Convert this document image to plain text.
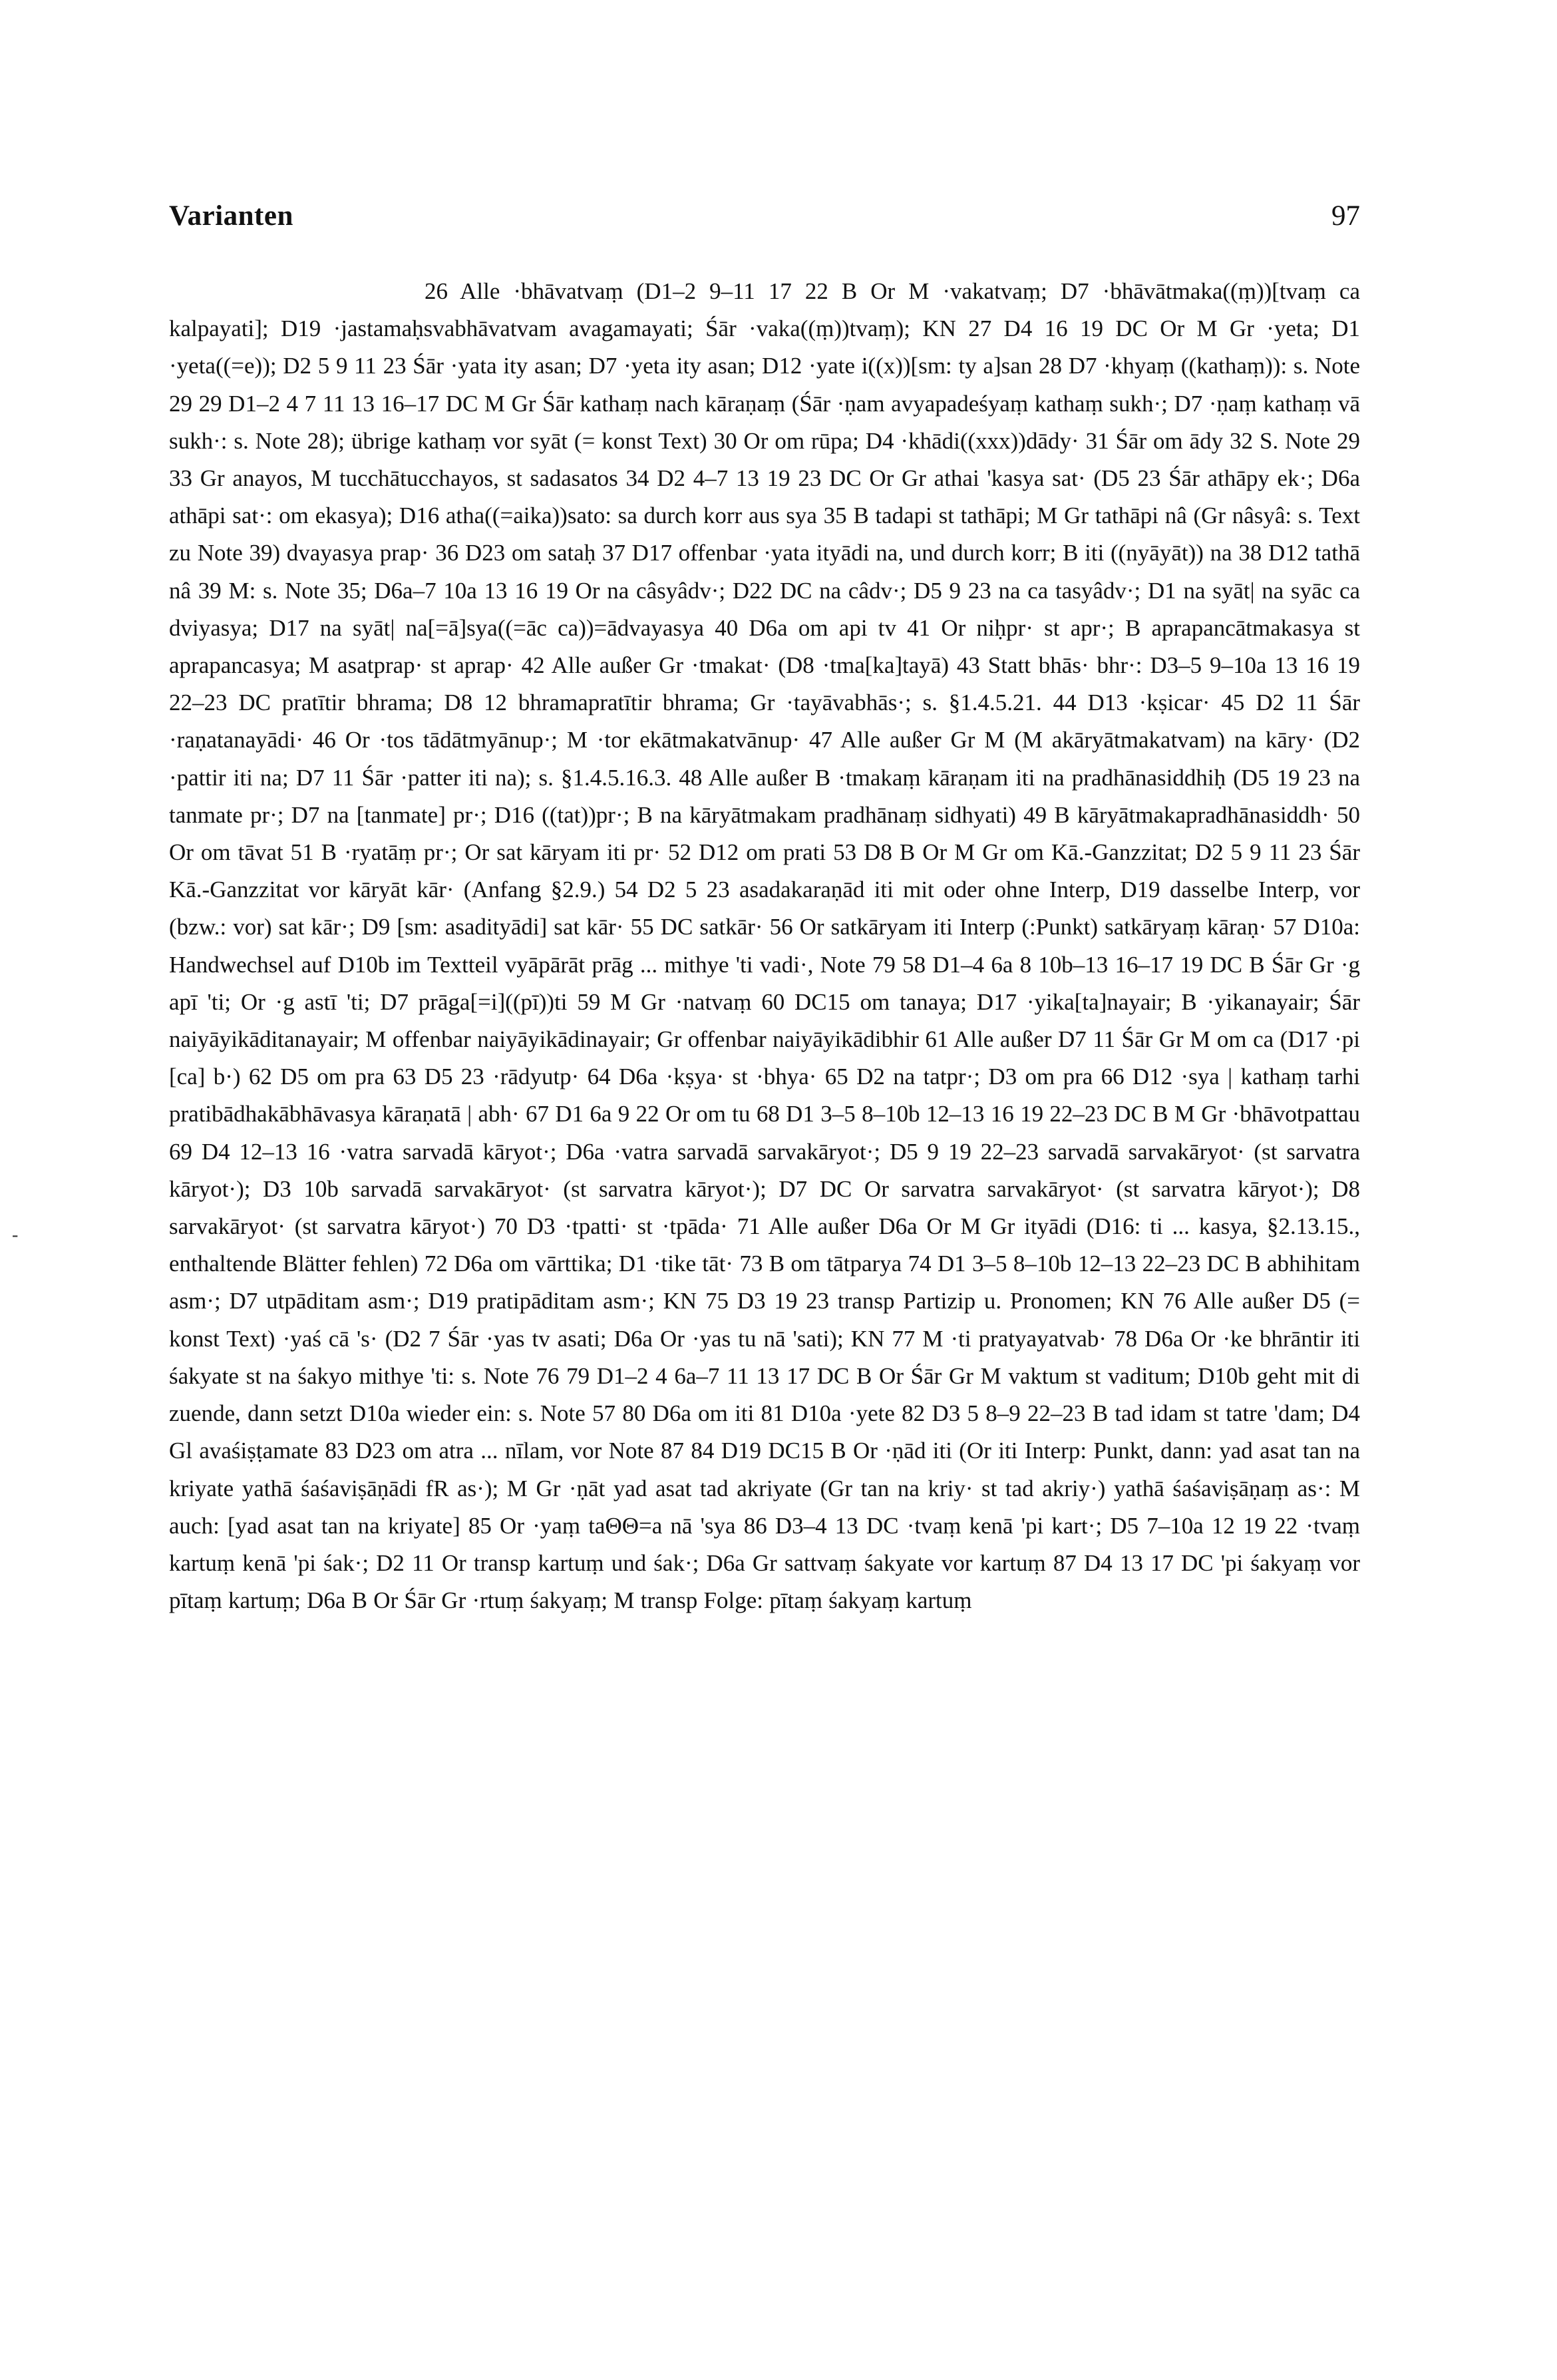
Varianten	97
26 Alle ·bhāvatvaṃ (D1–2 9–11 17 22 B Or M ·vakatvaṃ; D7 ·bhāvātmaka((ṃ))[tvaṃ ca kalpayati]; D19 ·jastamaḥsvabhāvatvam avagamayati; Śār ·vaka((ṃ))tvaṃ); KN 27 D4 16 19 DC Or M Gr ·yeta; D1 ·yeta((=e)); D2 5 9 11 23 Śār ·yata ity asan; D7 ·yeta ity asan; D12 ·yate i((x))[sm: ty a]san 28 D7 ·khyaṃ ((kathaṃ)): s. Note 29 29 D1–2 4 7 11 13 16–17 DC M Gr Śār kathaṃ nach kāraṇaṃ (Śār ·ṇam avyapadeśyaṃ kathaṃ sukh·; D7 ·ṇaṃ kathaṃ vā sukh·: s. Note 28); übrige kathaṃ vor syāt (= konst Text) 30 Or om rūpa; D4 ·khādi((xxx))dādy· 31 Śār om ādy 32 S. Note 29 33 Gr anayos, M tucchātucchayos, st sadasatos 34 D2 4–7 13 19 23 DC Or Gr athai 'kasya sat· (D5 23 Śār athāpy ek·; D6a athāpi sat·: om ekasya); D16 atha((=aika))sato: sa durch korr aus sya 35 B tadapi st tathāpi; M Gr tathāpi nâ (Gr nâsyâ: s. Text zu Note 39) dvayasya prap· 36 D23 om sataḥ 37 D17 offenbar ·yata ityādi na, und durch korr; B iti ((nyāyāt)) na 38 D12 tathā nâ 39 M: s. Note 35; D6a–7 10a 13 16 19 Or na câsyâdv·; D22 DC na câdv·; D5 9 23 na ca tasyâdv·; D1 na syāt| na syāc ca dviyasya; D17 na syāt| na[=ā]sya((=āc ca))=ādvayasya 40 D6a om api tv 41 Or niḥpr· st apr·; B aprapancātmakasya st aprapancasya; M asatprap· st aprap· 42 Alle außer Gr ·tmakat· (D8 ·tma[ka]tayā) 43 Statt bhās· bhr·: D3–5 9–10a 13 16 19 22–23 DC pratītir bhrama; D8 12 bhramapratītir bhrama; Gr ·tayāvabhās·; s. §1.4.5.21. 44 D13 ·kṣicar· 45 D2 11 Śār ·raṇatanayādi· 46 Or ·tos tādātmyānup·; M ·tor ekātmakatvānup· 47 Alle außer Gr M (M akāryātmakatvam) na kāry· (D2 ·pattir iti na; D7 11 Śār ·patter iti na); s. §1.4.5.16.3. 48 Alle außer B ·tmakaṃ kāraṇam iti na pradhānasiddhiḥ (D5 19 23 na tanmate pr·; D7 na [tanmate] pr·; D16 ((tat))pr·; B na kāryātmakam pradhānaṃ sidhyati) 49 B kāryātmakapradhānasiddh· 50 Or om tāvat 51 B ·ryatāṃ pr·; Or sat kāryam iti pr· 52 D12 om prati 53 D8 B Or M Gr om Kā.-Ganzzitat; D2 5 9 11 23 Śār Kā.-Ganzzitat vor kāryāt kār· (Anfang §2.9.) 54 D2 5 23 asadakaraṇād iti mit oder ohne Interp, D19 dasselbe Interp, vor (bzw.: vor) sat kār·; D9 [sm: asadityādi] sat kār· 55 DC satkār· 56 Or satkāryam iti Interp (:Punkt) satkāryaṃ kāraṇ· 57 D10a: Handwechsel auf D10b im Textteil vyāpārāt prāg ... mithye 'ti vadi·, Note 79 58 D1–4 6a 8 10b–13 16–17 19 DC B Śār Gr ·g apī 'ti; Or ·g astī 'ti; D7 prāga[=i]((pī))ti 59 M Gr ·natvaṃ 60 DC15 om tanaya; D17 ·yika[ta]nayair; B ·yikanayair; Śār naiyāyikāditanayair; M offenbar naiyāyikādinayair; Gr offenbar naiyāyikādibhir 61 Alle außer D7 11 Śār Gr M om ca (D17 ·pi [ca] b·) 62 D5 om pra 63 D5 23 ·rādyutp· 64 D6a ·kṣya· st ·bhya· 65 D2 na tatpr·; D3 om pra 66 D12 ·sya | kathaṃ tarhi pratibādhakābhāvasya kāraṇatā | abh· 67 D1 6a 9 22 Or om tu 68 D1 3–5 8–10b 12–13 16 19 22–23 DC B M Gr ·bhāvotpattau 69 D4 12–13 16 ·vatra sarvadā kāryot·; D6a ·vatra sarvadā sarvakāryot·; D5 9 19 22–23 sarvadā sarvakāryot· (st sarvatra kāryot·); D3 10b sarvadā sarvakāryot· (st sarvatra kāryot·); D7 DC Or sarvatra sarvakāryot· (st sarvatra kāryot·); D8 sarvakāryot· (st sarvatra kāryot·) 70 D3 ·tpatti· st ·tpāda· 71 Alle außer D6a Or M Gr ityādi (D16: ti ... kasya, §2.13.15., enthaltende Blätter fehlen) 72 D6a om vārttika; D1 ·tike tāt· 73 B om tātparya 74 D1 3–5 8–10b 12–13 22–23 DC B abhihitam asm·; D7 utpāditam asm·; D19 pratipāditam asm·; KN 75 D3 19 23 transp Partizip u. Pronomen; KN 76 Alle außer D5 (= konst Text) ·yaś cā 's· (D2 7 Śār ·yas tv asati; D6a Or ·yas tu nā 'sati); KN 77 M ·ti pratyayatvab· 78 D6a Or ·ke bhrāntir iti śakyate st na śakyo mithye 'ti: s. Note 76 79 D1–2 4 6a–7 11 13 17 DC B Or Śār Gr M vaktum st vaditum; D10b geht mit di zuende, dann setzt D10a wieder ein: s. Note 57 80 D6a om iti 81 D10a ·yete 82 D3 5 8–9 22–23 B tad idam st tatre 'dam; D4 Gl avaśiṣṭamate 83 D23 om atra ... nīlam, vor Note 87 84 D19 DC15 B Or ·ṇād iti (Or iti Interp: Punkt, dann: yad asat tan na kriyate yathā śaśaviṣāṇādi fR as·); M Gr ·ṇāt yad asat tad akriyate (Gr tan na kriy· st tad akriy·) yathā śaśaviṣāṇaṃ as·: M auch: [yad asat tan na kriyate] 85 Or ·yaṃ taΘΘ=a nā 'sya 86 D3–4 13 DC ·tvaṃ kenā 'pi kart·; D5 7–10a 12 19 22 ·tvaṃ kartuṃ kenā 'pi śak·; D2 11 Or transp kartuṃ und śak·; D6a Gr sattvaṃ śakyate vor kartuṃ 87 D4 13 17 DC 'pi śakyaṃ vor pītaṃ kartuṃ; D6a B Or Śār Gr ·rtuṃ śakyaṃ; M transp Folge: pītaṃ śakyaṃ kartuṃ
-
